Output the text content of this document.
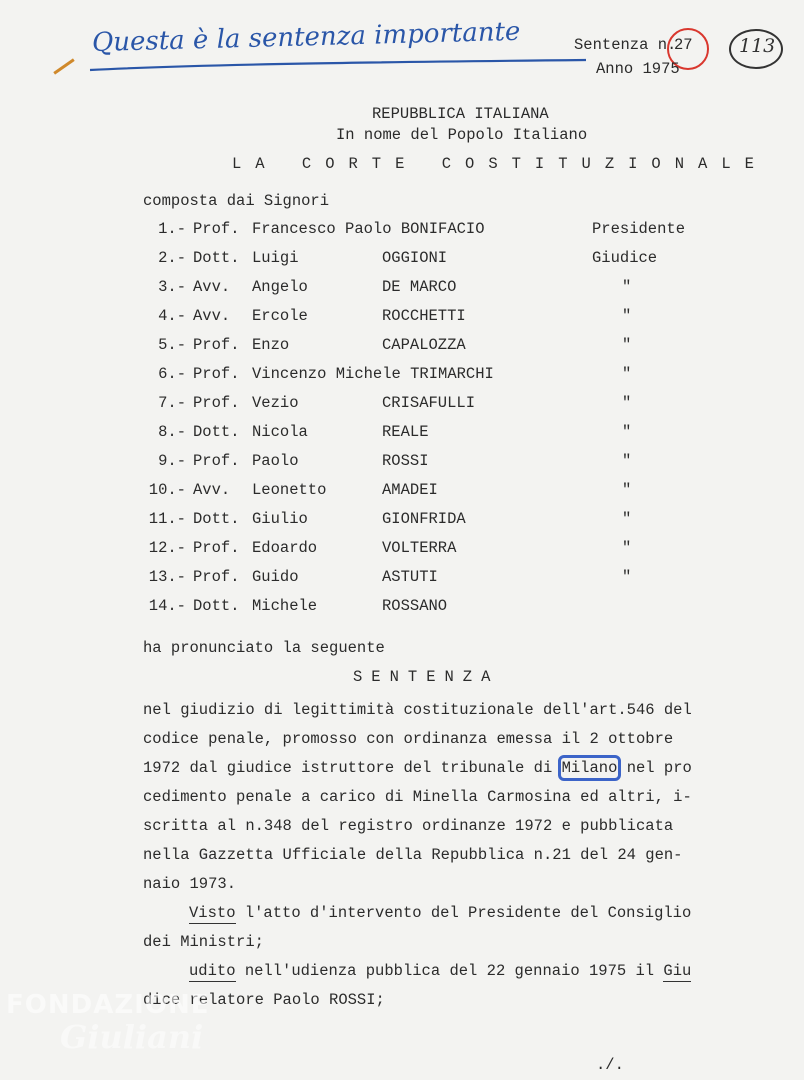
Questa è la sentenza importante	Sentenza n.
27 113
Anno 1975
REPUBBLICA ITALIANA
In nome del Popolo Italiano
LA CORTE COSTITUZIONALE
composta dai Signori
1.- Prof. Francesco Paolo BONIFACIO	Presidente
2.- Dott. Luigi	OGGIONI	Giudice
3.- Avv. Angelo	DE MARCO	"
4.- Avv. Ercole	ROCCHETTI	"
5.- Prof. Enzo	CAPALOZZA	"
6.- Prof. Vincenzo Michele TRIMARCHI	"
7.- Prof. Vezio	CRISAFULLI	"
8.- Dott. Nicola	REALE	"
9.- Prof. Paolo	ROSSI	"
10.- Avv. Leonetto	AMADEI	"
11.- Dott. Giulio	GIONFRIDA	"
12.- Prof. Edoardo	VOLTERRA	"
13.- Prof. Guido	ASTUTI	"
14.- Dott. Michele	ROSSANO
ha pronunciato la seguente
SENTENZA
nel giudizio di legittimità costituzionale dell'art.546 del
codice penale, promosso con ordinanza emessa il 2 ottobre
1972 dal giudice istruttore del tribunale di Milano nel pro
cedimento penale a carico di Minella Carmosina ed altri, i-
scritta al n.348 del registro ordinanze 1972 e pubblicata
nella Gazzetta Ufficiale della Repubblica n.21 del 24 gen-
naio 1973.
Visto l'atto d'intervento del Presidente del Consiglio
dei Ministri;
udito nell'udienza pubblica del 22 gennaio 1975 il Giu
dice relatore Paolo ROSSI;
./.
FONDAZIONE
Giuliani
